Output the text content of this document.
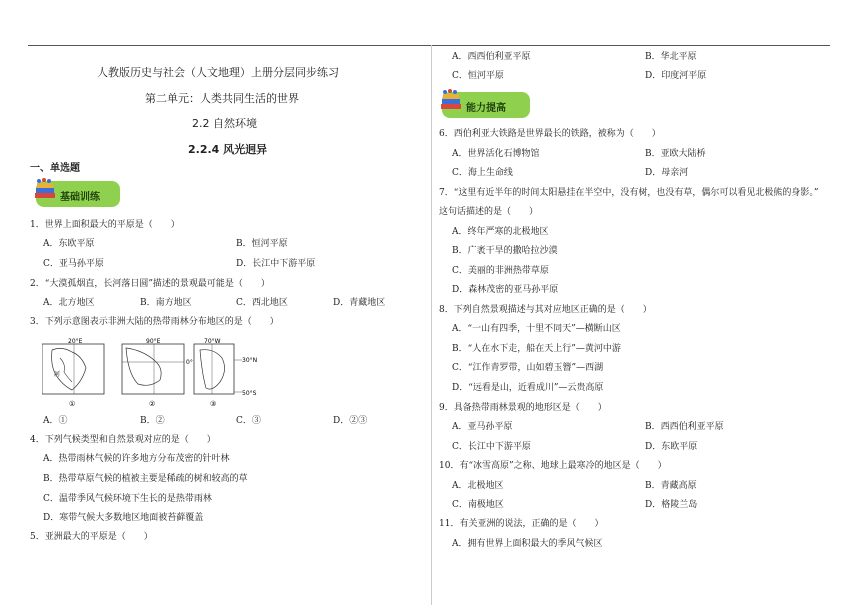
人教版历史与社会（人文地理）上册分层同步练习
第二单元：人类共同生活的世界
2.2 自然环境
2.2.4 风光迥异
一、单选题
基础训练
1．世界上面积最大的平原是（　　）
A．东欧平原	B．恒河平原
C．亚马孙平原	D．长江中下游平原
2．“大漠孤烟直，长河落日圆”描述的景观最可能是（　　）
A．北方地区	B．南方地区	C．西北地区	D．青藏地区
3．下列示意图表示非洲大陆的热带雨林分布地区的是（　　）
20°E
河
90°E
0°
70°W
30°N
50°S
①	②	③
A．①	B．②	C．③	D．②③
4．下列气候类型和自然景观对应的是（　　）
A．热带雨林气候的许多地方分布茂密的针叶林
B．热带草原气候的植被主要是稀疏的树和较高的草
C．温带季风气候环境下生长的是热带雨林
D．寒带气候大多数地区地面被苔藓覆盖
5．亚洲最大的平原是（　　）
A．西西伯利亚平原	B．华北平原
C．恒河平原	D．印度河平原
能力提高
6．西伯利亚大铁路是世界最长的铁路，被称为（　　）
A．世界活化石博物馆	B．亚欧大陆桥
C．海上生命线	D．母亲河
7．“这里有近半年的时间太阳悬挂在半空中，没有树，也没有草，偶尔可以看见北极熊的身影。”
这句话描述的是（　　）
A．终年严寒的北极地区
B．广袤干旱的撒哈拉沙漠
C．美丽的非洲热带草原
D．森林茂密的亚马孙平原
8．下列自然景观描述与其对应地区正确的是（　　）
A．“一山有四季，十里不同天”—横断山区
B．“人在水下走，船在天上行”—黄河中游
C．“江作青罗带，山如碧玉簪”—西湖
D．“远看是山，近看成川”—云贵高原
9．具备热带雨林景观的地形区是（　　）
A．亚马孙平原	B．西西伯利亚平原
C．长江中下游平原	D．东欧平原
10．有“冰雪高原”之称、地球上最寒冷的地区是（　　）
A．北极地区	B．青藏高原
C．南极地区	D．格陵兰岛
11．有关亚洲的说法，正确的是（　　）
A．拥有世界上面积最大的季风气候区
